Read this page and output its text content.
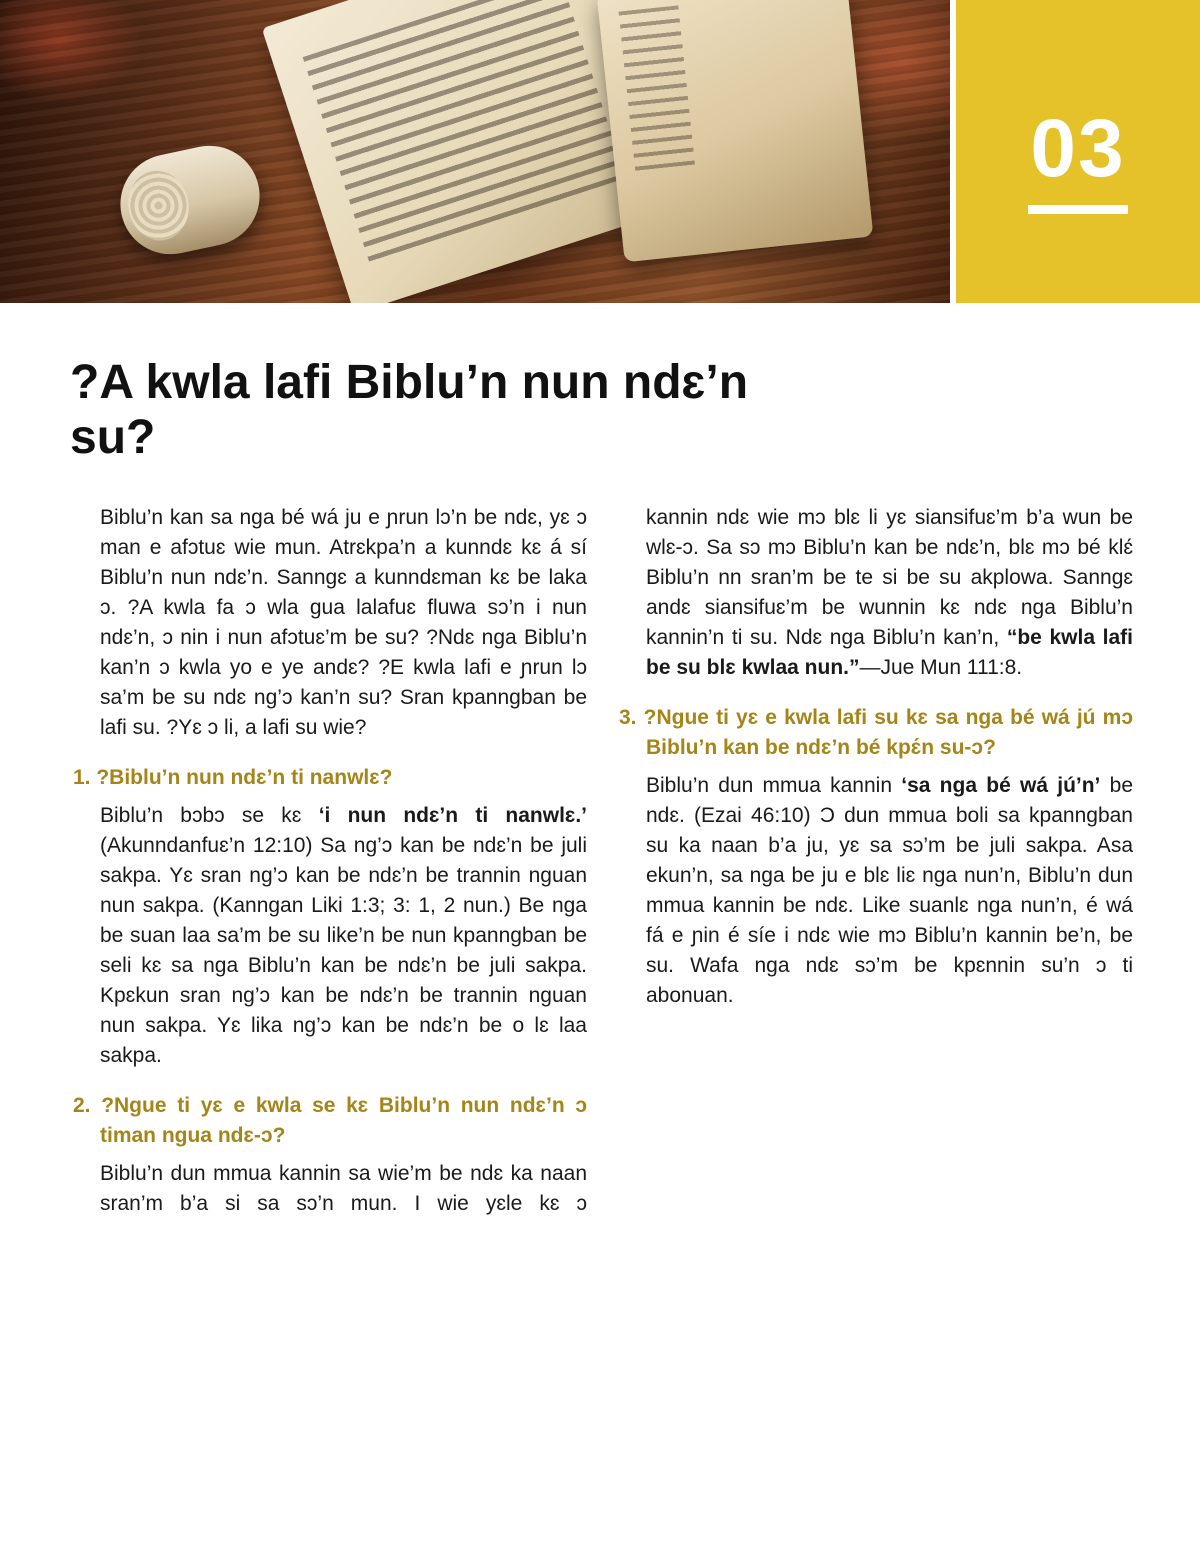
03
?A kwla lafi Biblu’n nun ndɛ’n su?

Biblu’n kan sa nga bé wá ju e ɲrun lɔ’n be ndɛ, yɛ ɔ man e afɔtuɛ wie mun. Atrɛkpa’n a kunndɛ kɛ á sí Biblu’n nun ndɛ’n. Sanngɛ a kunndɛman kɛ be laka ɔ. ?A kwla fa ɔ wla gua lalafuɛ fluwa sɔ’n i nun ndɛ’n, ɔ nin i nun afɔtuɛ’m be su? ?Ndɛ nga Biblu’n kan’n ɔ kwla yo e ye andɛ? ?E kwla lafi e ɲrun lɔ sa’m be su ndɛ ng’ɔ kan’n su? Sran kpanngban be lafi su. ?Yɛ ɔ li, a lafi su wie?

1. ?Biblu’n nun ndɛ’n ti nanwlɛ?

Biblu’n bɔbɔ se kɛ ‘i nun ndɛ’n ti nanwlɛ.’ (Akunndanfuɛ’n 12:10) Sa ng’ɔ kan be ndɛ’n be juli sakpa. Yɛ sran ng’ɔ kan be ndɛ’n be trannin nguan nun sakpa. (Kanngan Liki 1:3; 3: 1, 2 nun.) Be nga be suan laa sa’m be su like’n be nun kpanngban be seli kɛ sa nga Biblu’n kan be ndɛ’n be juli sakpa. Kpɛkun sran ng’ɔ kan be ndɛ’n be trannin nguan nun sakpa. Yɛ lika ng’ɔ kan be ndɛ’n be o lɛ laa sakpa.

2. ?Ngue ti yɛ e kwla se kɛ Biblu’n nun ndɛ’n ɔ timan ngua ndɛ-ɔ?

Biblu’n dun mmua kannin sa wie’m be ndɛ ka naan sran’m b’a si sa sɔ’n mun. I wie yɛle kɛ ɔ

kannin ndɛ wie mɔ blɛ li yɛ siansifuɛ’m b’a wun be wlɛ-ɔ. Sa sɔ mɔ Biblu’n kan be ndɛ’n, blɛ mɔ bé klɛ́ Biblu’n nn sran’m be te si be su akplowa. Sanngɛ andɛ siansifuɛ’m be wunnin kɛ ndɛ nga Biblu’n kannin’n ti su. Ndɛ nga Biblu’n kan’n, “be kwla lafi be su blɛ kwlaa nun.”—Jue Mun 111:8.

3. ?Ngue ti yɛ e kwla lafi su kɛ sa nga bé wá jú mɔ Biblu’n kan be ndɛ’n bé kpɛ́n su-ɔ?

Biblu’n dun mmua kannin ‘sa nga bé wá jú’n’ be ndɛ. (Ezai 46:10) Ɔ dun mmua boli sa kpanngban su ka naan b’a ju, yɛ sa sɔ’m be juli sakpa. Asa ekun’n, sa nga be ju e blɛ liɛ nga nun’n, Biblu’n dun mmua kannin be ndɛ. Like suanlɛ nga nun’n, é wá fá e ɲin é síe i ndɛ wie mɔ Biblu’n kannin be’n, be su. Wafa nga ndɛ sɔ’m be kpɛnnin su’n ɔ ti abonuan.
